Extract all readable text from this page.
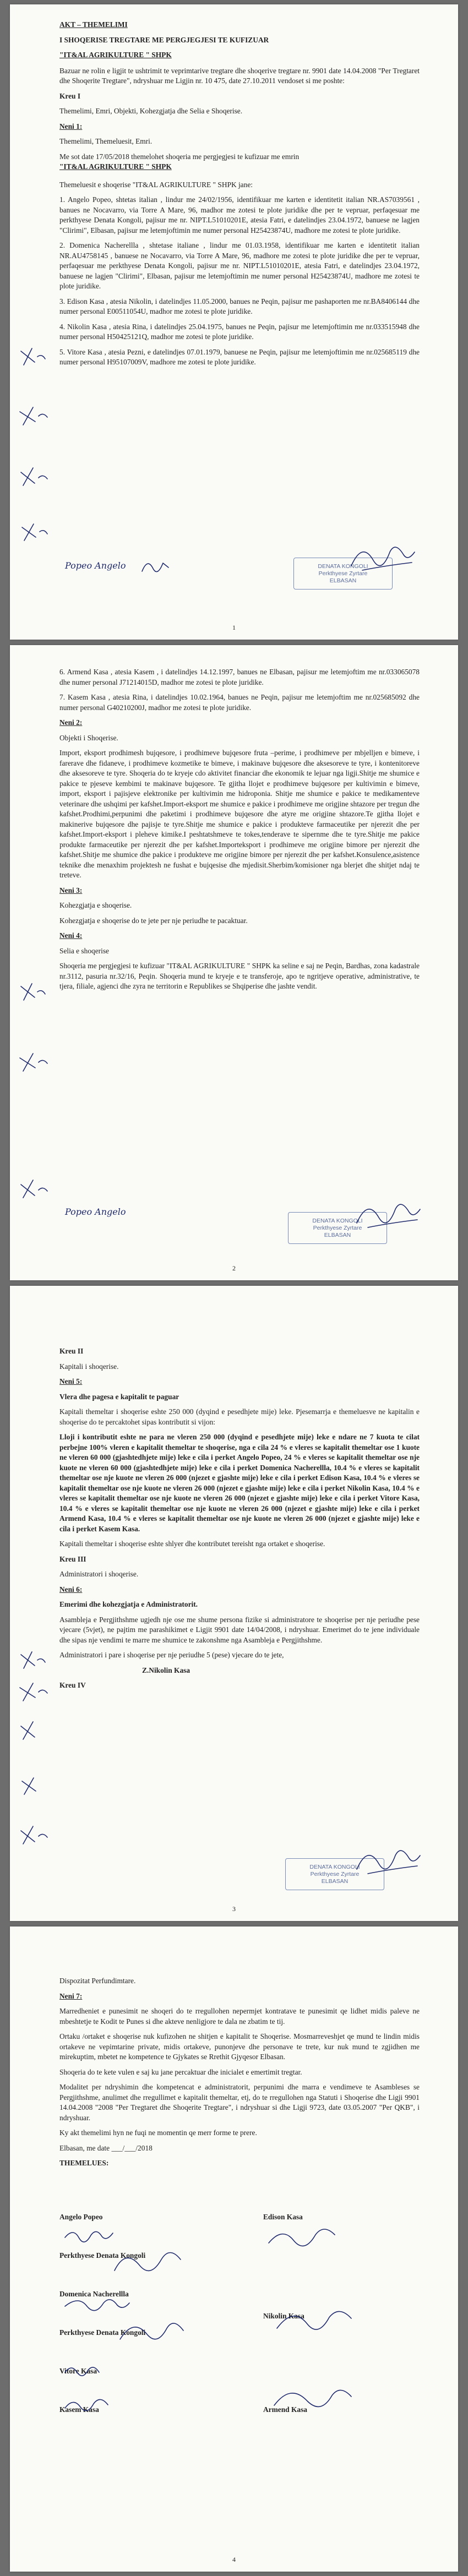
AKT – THEMELIMI

I SHOQERISE TREGTARE ME PERGJEGJESI TE KUFIZUAR

"IT&AL AGRIKULTURE " SHPK

Bazuar ne rolin e ligjit te ushtrimit te veprimtarive tregtare dhe shoqerive tregtare nr. 9901 date 14.04.2008 "Per Tregtaret dhe Shoqerite Tregtare", ndryshuar me Ligjin nr. 10 475, date 27.10.2011 vendoset si me poshte:

Kreu I

Themelimi, Emri, Objekti, Kohezgjatja dhe Selia e Shoqerise.

Neni 1:

Themelimi, Themeluesit, Emri.

Me sot date 17/05/2018 themelohet shoqeria me pergjegjesi te kufizuar me emrin

"IT&AL AGRIKULTURE " SHPK

Themeluesit e shoqerise "IT&AL AGRIKULTURE " SHPK jane:

1. Angelo Popeo, shtetas italian , lindur me 24/02/1956, identifikuar me karten e identitetit italian NR.AS7039561 , banues ne Nocavarro, via Torre A Mare, 96, madhor me zotesi te plote juridike dhe per te vepruar, perfaqesuar me perkthyese Denata Kongoli, pajisur me nr. NIPT.L51010201E, atesia Fatri, e datelindjes 23.04.1972, banuese ne lagjen "Clirimi", Elbasan, pajisur me letemjoftimin me numer personal H25423874U, madhore me zotesi te plote juridike.

2. Domenica Nacherellla , shtetase italiane , lindur me 01.03.1958, identifikuar me karten e identitetit italian NR.AU4758145 , banuese ne Nocavarro, via Torre A Mare, 96, madhore me zotesi te plote juridike dhe per te vepruar, perfaqesuar me perkthyese Denata Kongoli, pajisur me nr. NIPT.L51010201E, atesia Fatri, e datelindjes 23.04.1972, banuese ne lagjen "Clirimi", Elbasan, pajisur me letemjoftimin me numer personal H25423874U, madhore me zotesi te plote juridike.

3. Edison Kasa , atesia Nikolin, i datelindjes 11.05.2000, banues ne Peqin, pajisur me pashaporten me nr.BA8406144 dhe numer personal E00511054U, madhor me zotesi te plote juridike.

4. Nikolin Kasa , atesia Rina, i datelindjes 25.04.1975, banues ne Peqin, pajisur me letemjoftimin me nr.033515948 dhe numer personal H50425121Q, madhor me zotesi te plote juridike.

5. Vitore Kasa , atesia Pezni, e datelindjes 07.01.1979, banuese ne Peqin, pajisur me letemjoftimin me nr.025685119 dhe numer personal H95107009V, madhore me zotesi te plote juridike.

Popeo Angelo	DENATA KONGOLI
Perkthyese Zyrtare
ELBASAN
1

6. Armend Kasa , atesia Kasem , i datelindjes 14.12.1997, banues ne Elbasan, pajisur me letemjoftim me nr.033065078 dhe numer personal J71214015D, madhor me zotesi te plote juridike.

7. Kasem Kasa , atesia Rina, i datelindjes 10.02.1964, banues ne Peqin, pajisur me letemjoftim me nr.025685092 dhe numer personal G40210200J, madhor me zotesi te plote juridike.

Neni 2:

Objekti i Shoqerise.

Import, eksport prodhimesh bujqesore, i prodhimeve bujqesore fruta –perime, i prodhimeve per mbjelljen e bimeve, i farerave dhe fidaneve, i prodhimeve kozmetike te bimeve, i makinave bujqesore dhe aksesoreve te tyre, i kontenitoreve dhe aksesoreve te tyre. Shoqeria do te kryeje cdo aktivitet financiar dhe ekonomik te lejuar nga ligji.Shitje me shumice e pakice te pjeseve kembimi te makinave bujqesore. Te gjitha llojet e prodhimeve bujqesore per kultivimin e bimeve, import, eksport i pajisjeve elektronike per kultivimin me hidroponia. Shitje me shumice e pakice te medikamenteve veterinare dhe ushqimi per kafshet.Import-eksport me shumice e pakice i prodhimeve me origjine shtazore per tregun dhe kafshet.Prodhimi,perpunimi dhe paketimi i prodhimeve bujqesore dhe atyre me origjine shtazore.Te gjitha llojet e makinerive bujqesore dhe pajisje te tyre.Shitje me shumice e pakice i produkteve farmaceutike per njerezit dhe per kafshet.Import-eksport i pleheve kimike.I peshtatshmeve te tokes,tenderave te sipernme dhe te tyre.Shitje me pakice produkte farmaceutike per njerezit dhe per kafshet.Importeksport i prodhimeve me origjine bimore per njerezit dhe kafshet.Shitje me shumice dhe pakice i produkteve me origjine bimore per njerezit dhe per kafshet.Konsulence,asistence teknike dhe menaxhim projektesh ne fushat e bujqesise dhe mjedisit.Sherbim/komisioner nga blerjet dhe shitjet ndaj te treteve.

Neni 3:

Kohezgjatja e shoqerise.

Kohezgjatja e shoqerise do te jete per nje periudhe te pacaktuar.

Neni 4:

Selia e shoqerise

Shoqeria me pergjegjesi te kufizuar "IT&AL AGRIKULTURE " SHPK ka seline e saj ne Peqin, Bardhas, zona kadastrale nr.3112, pasuria nr.32/16, Peqin. Shoqeria mund te kryeje e te transferoje, apo te ngritjeve operative, administrative, te tjera, filiale, agjenci dhe zyra ne territorin e Republikes se Shqiperise dhe jashte vendit.

Popeo Angelo
DENATA KONGOLI
Perkthyese Zyrtare
ELBASAN
2

Kreu II

Kapitali i shoqerise.

Neni 5:

Vlera dhe pagesa e kapitalit te paguar

Kapitali themeltar i shoqerise eshte 250 000 (dyqind e pesedhjete mije) leke. Pjesemarrja e themeluesve ne kapitalin e shoqerise do te percaktohet sipas kontributit si vijon:

Lloji i kontributit eshte ne para ne vleren 250 000 (dyqind e pesedhjete mije) leke e ndare ne 7 kuota te cilat perbejne 100% vleren e kapitalit themeltar te shoqerise, nga e cila 24 % e vleres se kapitalit themeltar ose 1 kuote ne vleren 60 000 (gjashtedhjete mije) leke e cila i perket Angelo Popeo, 24 % e vleres se kapitalit themeltar ose nje kuote ne vleren 60 000 (gjashtedhjete mije) leke e cila i perket Domenica Nacherellla, 10.4 % e vleres se kapitalit themeltar ose nje kuote ne vleren 26 000 (njezet e gjashte mije) leke e cila i perket Edison Kasa, 10.4 % e vleres se kapitalit themeltar ose nje kuote ne vleren 26 000 (njezet e gjashte mije) leke e cila i perket Nikolin Kasa, 10.4 % e vleres se kapitalit themeltar ose nje kuote ne vleren 26 000 (njezet e gjashte mije) leke e cila i perket Vitore Kasa, 10.4 % e vleres se kapitalit themeltar ose nje kuote ne vleren 26 000 (njezet e gjashte mije) leke e cila i perket Armend Kasa, 10.4 % e vleres se kapitalit themeltar ose nje kuote ne vleren 26 000 (njezet e gjashte mije) leke e cila i perket Kasem Kasa.

Kapitali themeltar i shoqerise eshte shlyer dhe kontributet tereisht nga ortaket e shoqerise.

Kreu III

Administratori i shoqerise.

Neni 6:

Emerimi dhe kohezgjatja e Administratorit.

Asambleja e Pergjithshme ugjedh nje ose me shume persona fizike si administratore te shoqerise per nje periudhe pese vjecare (5vjet), ne pajtim me parashikimet e Ligjit 9901 date 14/04/2008, i ndryshuar. Emerimet do te jene individuale dhe sipas nje vendimi te marre me shumice te zakonshme nga Asambleja e Pergjithshme.

Administratori i pare i shoqerise per nje periudhe 5 (pese) vjecare do te jete,

Z.Nikolin Kasa

Kreu IV

DENATA KONGOLI
Perkthyese Zyrtare
ELBASAN
3

Dispozitat Perfundimtare.

Neni 7:

Marredheniet e punesimit ne shoqeri do te rregullohen nepermjet kontratave te punesimit qe lidhet midis paleve ne mbeshtetje te Kodit te Punes si dhe akteve nenligjore te dala ne zbatim te tij.

Ortaku /ortaket e shoqerise nuk kufizohen ne shitjen e kapitalit te Shoqerise. Mosmarreveshjet qe mund te lindin midis ortakeve ne vepimtarine private, midis ortakeve, punonjeve dhe personave te trete, kur nuk mund te zgjidhen me mirekuptim, mbetet ne kompetence te Gjykates se Rrethit Gjyqesor Elbasan.

Shoqeria do te kete vulen e saj ku jane percaktuar dhe inicialet e emertimit tregtar.

Modalitet per ndryshimin dhe kompetencat e administratorit, perpunimi dhe marra e vendimeve te Asambleses se Pergjithshme, anulimet dhe rregullimet e kapitalit themeltar, etj, do te rregullohen nga Statuti i Shoqerise dhe Ligji 9901 14.04.2008 "2008 "Per Tregtaret dhe Shoqerite Tregtare", i ndryshuar si dhe Ligji 9723, date 03.05.2007 "Per QKB", i ndryshuar.

Ky akt themelimi hyn ne fuqi ne momentin qe merr forme te prere.

Elbasan, me date ___/___/2018

THEMELUES:

Angelo Popeo
Perkthyese Denata Kongoli
Domenica Nacherellla
Perkthyese Denata Kongoli
Vitore Kasa
Kasem Kasa
Edison Kasa
Nikolin Kasa
Armend Kasa
4
